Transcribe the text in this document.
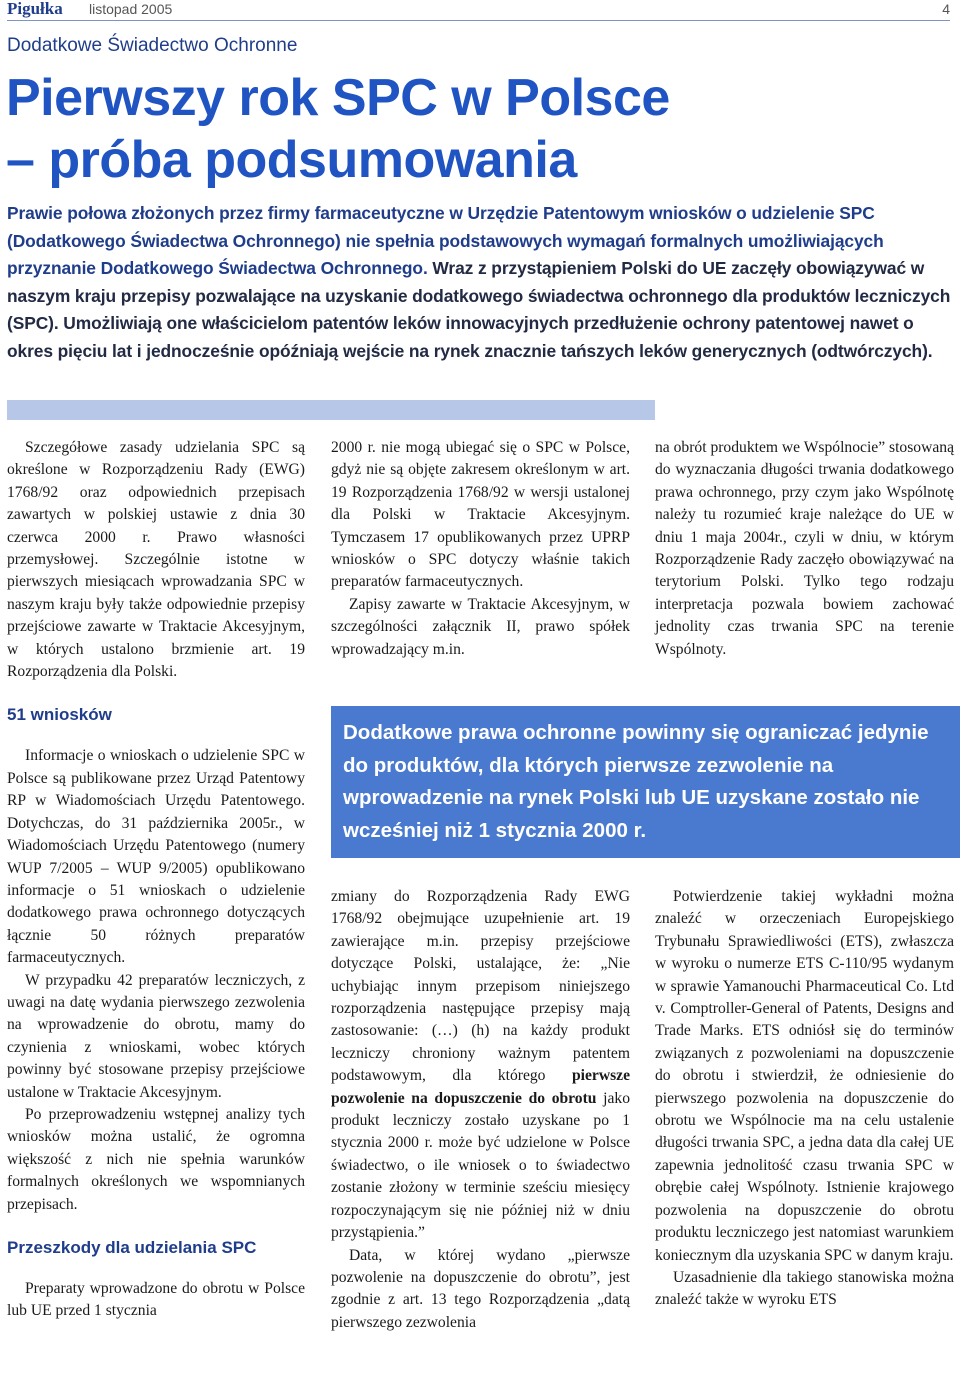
Pigułka listopad 2005	4
Dodatkowe Świadectwo Ochronne
Pierwszy rok SPC w Polsce
– próba podsumowania

Prawie połowa złożonych przez firmy farmaceutyczne w Urzędzie Patentowym wniosków o udzielenie SPC (Dodatkowego Świadectwa Ochronnego) nie spełnia podstawowych wymagań formalnych umożliwiających przyznanie Dodatkowego Świadectwa Ochronnego. Wraz z przystąpieniem Polski do UE zaczęły obowiązywać w naszym kraju przepisy pozwalające na uzyskanie dodatkowego świadectwa ochronnego dla produktów leczniczych (SPC). Umożliwiają one właścicielom patentów leków innowacyjnych przedłużenie ochrony patentowej nawet o okres pięciu lat i jednocześnie opóźniają wejście na rynek znacznie tańszych leków generycznych (odtwórczych).

Szczegółowe zasady udzielania SPC są określone w Rozporządzeniu Rady (EWG) 1768/92 oraz odpowiednich przepisach zawartych w polskiej ustawie z dnia 30 czerwca 2000 r. Prawo własności przemysłowej. Szczególnie istotne w pierwszych miesiącach wprowadzania SPC w naszym kraju były także odpowiednie przepisy przejściowe zawarte w Traktacie Akcesyjnym, w których ustalono brzmienie art. 19 Rozporządzenia dla Polski.

51 wniosków

Informacje o wnioskach o udzielenie SPC w Polsce są publikowane przez Urząd Patentowy RP w Wiadomościach Urzędu Patentowego. Dotychczas, do 31 października 2005r., w Wiadomościach Urzędu Patentowego (numery WUP 7/2005 – WUP 9/2005) opublikowano informacje o 51 wnioskach o udzielenie dodatkowego prawa ochronnego dotyczących łącznie 50 różnych preparatów farmaceutycznych.

W przypadku 42 preparatów leczniczych, z uwagi na datę wydania pierwszego zezwolenia na wprowadzenie do obrotu, mamy do czynienia z wnioskami, wobec których powinny być stosowane przepisy przejściowe ustalone w Traktacie Akcesyjnym.

Po przeprowadzeniu wstępnej analizy tych wniosków można ustalić, że ogromna większość z nich nie spełnia warunków formalnych określonych we wspomnianych przepisach.

Przeszkody dla udzielania SPC

Preparaty wprowadzone do obrotu w Polsce lub UE przed 1 stycznia

2000 r. nie mogą ubiegać się o SPC w Polsce, gdyż nie są objęte zakresem określonym w art. 19 Rozporządzenia 1768/92 w wersji ustalonej dla Polski w Traktacie Akcesyjnym. Tymczasem 17 opublikowanych przez UPRP wniosków o SPC dotyczy właśnie takich preparatów farmaceutycznych.

Zapisy zawarte w Traktacie Akcesyjnym, w szczególności załącznik II, prawo spółek wprowadzający m.in.

na obrót produktem we Wspólnocie” stosowaną do wyznaczania długości trwania dodatkowego prawa ochronnego, przy czym jako Wspólnotę należy tu rozumieć kraje należące do UE w dniu 1 maja 2004r., czyli w dniu, w którym Rozporządzenie Rady zaczęło obowiązywać na terytorium Polski. Tylko tego rodzaju interpretacja pozwala bowiem zachować jednolity czas trwania SPC na terenie Wspólnoty.

Dodatkowe prawa ochronne powinny się ograniczać jedynie do produktów, dla których pierwsze zezwolenie na wprowadzenie na rynek Polski lub UE uzyskane zostało nie wcześniej niż 1 stycznia 2000 r.

zmiany do Rozporządzenia Rady EWG 1768/92 obejmujące uzupełnienie art. 19 zawierające m.in. przepisy przejściowe dotyczące Polski, ustalające, że: „Nie uchybiając innym przepisom niniejszego rozporządzenia następujące przepisy mają zastosowanie: (…) (h) na każdy produkt leczniczy chroniony ważnym patentem podstawowym, dla którego pierwsze pozwolenie na dopuszczenie do obrotu jako produkt leczniczy zostało uzyskane po 1 stycznia 2000 r. może być udzielone w Polsce świadectwo, o ile wniosek o to świadectwo zostanie złożony w terminie sześciu miesięcy rozpoczynającym się nie później niż w dniu przystąpienia.”

Data, w której wydano „pierwsze pozwolenie na dopuszczenie do obrotu”, jest zgodnie z art. 13 tego Rozporządzenia „datą pierwszego zezwolenia

Potwierdzenie takiej wykładni można znaleźć w orzeczeniach Europejskiego Trybunału Sprawiedliwości (ETS), zwłaszcza w wyroku o numerze ETS C-110/95 wydanym w sprawie Yamanouchi Pharmaceutical Co. Ltd v. Comptroller-General of Patents, Designs and Trade Marks. ETS odniósł się do terminów związanych z pozwoleniami na dopuszczenie do obrotu i stwierdził, że odniesienie do pierwszego pozwolenia na dopuszczenie do obrotu we Wspólnocie ma na celu ustalenie długości trwania SPC, a jedna data dla całej UE zapewnia jednolitość czasu trwania SPC w obrębie całej Wspólnoty. Istnienie krajowego pozwolenia na dopuszczenie do obrotu produktu leczniczego jest natomiast warunkiem koniecznym dla uzyskania SPC w danym kraju.

Uzasadnienie dla takiego stanowiska można znaleźć także w wyroku ETS
